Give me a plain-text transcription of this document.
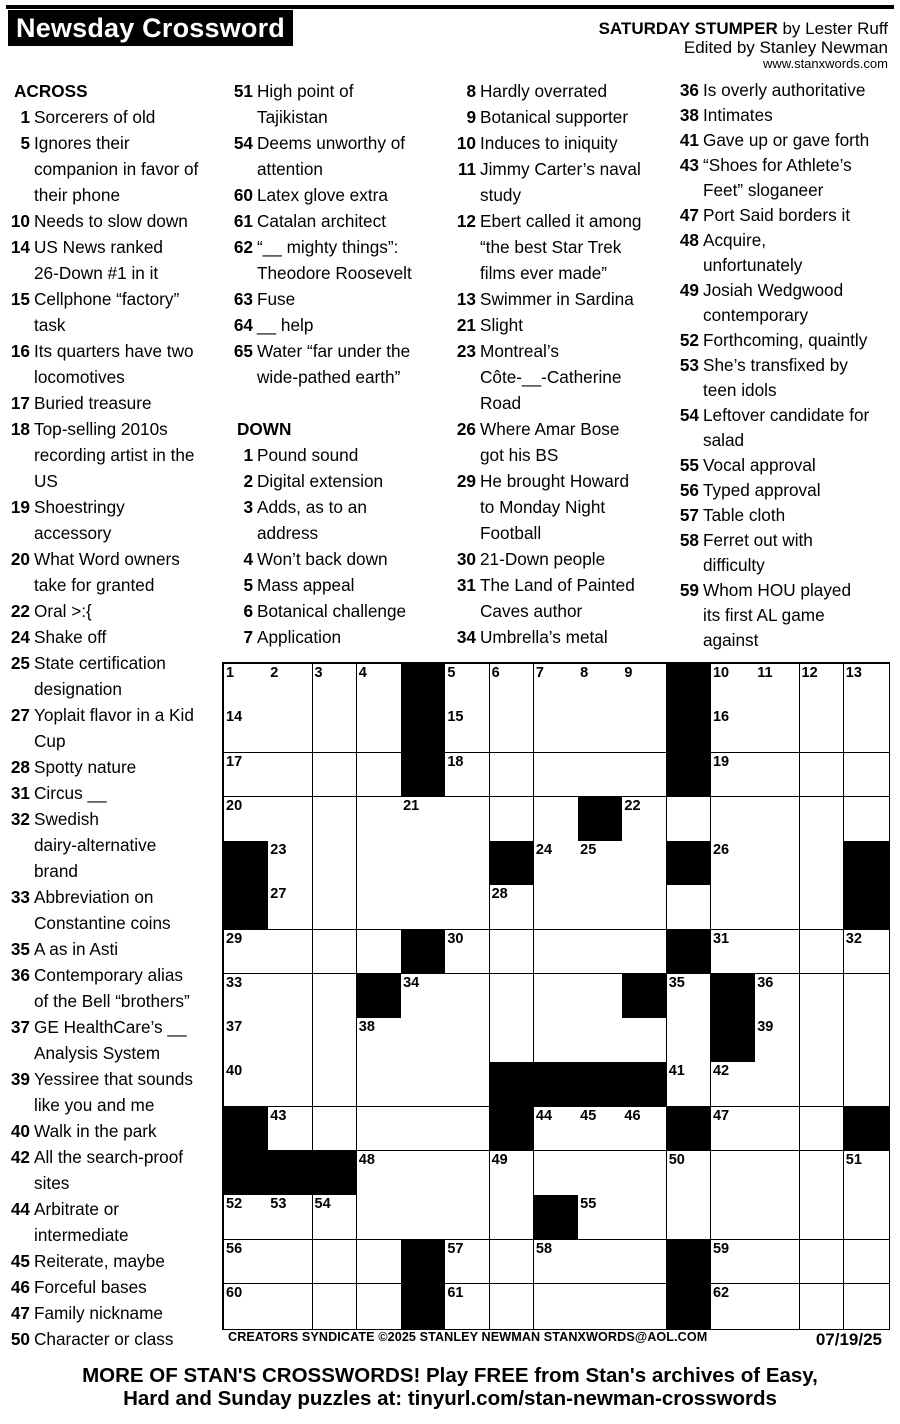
Newsday Crossword	SATURDAY STUMPER by Lester Ruff
Edited by Stanley Newman
www.stanxwords.com
ACROSS
1 Sorcerers of old
5 Ignores their
companion in favor of
their phone
10 Needs to slow down
14 US News ranked
26-Down #1 in it
15 Cellphone “factory”
task
16 Its quarters have two
locomotives
17 Buried treasure
18 Top-selling 2010s
recording artist in the
US
19 Shoestringy
accessory
20 What Word owners
take for granted
22 Oral >:{
24 Shake off
25 State certification
designation
27 Yoplait flavor in a Kid
Cup
28 Spotty nature
31 Circus __
32 Swedish
dairy-alternative
brand
33 Abbreviation on
Constantine coins
35 A as in Asti
36 Contemporary alias
of the Bell “brothers”
37 GE HealthCare’s __
Analysis System
39 Yessiree that sounds
like you and me
40 Walk in the park
42 All the search-proof
sites
44 Arbitrate or
intermediate
45 Reiterate, maybe
46 Forceful bases
47 Family nickname
50 Character or class
51 High point of
Tajikistan
54 Deems unworthy of
attention
60 Latex glove extra
61 Catalan architect
62 “__ mighty things”:
Theodore Roosevelt
63 Fuse
64 __ help
65 Water “far under the
wide-pathed earth”
DOWN
1 Pound sound
2 Digital extension
3 Adds, as to an
address
4 Won’t back down
5 Mass appeal
6 Botanical challenge
7 Application
8 Hardly overrated
9 Botanical supporter
10 Induces to iniquity
11 Jimmy Carter’s naval
study
12 Ebert called it among
“the best Star Trek
films ever made”
13 Swimmer in Sardina
21 Slight
23 Montreal’s
Côte-__-Catherine
Road
26 Where Amar Bose
got his BS
29 He brought Howard
to Monday Night
Football
30 21-Down people
31 The Land of Painted
Caves author
34 Umbrella’s metal
36 Is overly authoritative
38 Intimates
41 Gave up or gave forth
43 “Shoes for Athlete’s
Feet” sloganeer
47 Port Said borders it
48 Acquire,
unfortunately
49 Josiah Wedgwood
contemporary
52 Forthcoming, quaintly
53 She’s transfixed by
teen idols
54 Leftover candidate for
salad
55 Vocal approval
56 Typed approval
57 Table cloth
58 Ferret out with
difficulty
59 Whom HOU played
its first AL game
against
1 2 3 4	5 6 7 8 9	10 11 12 13
14	15	16
17	18	19
20	21	22
23	24 25	26
27	28
29	30	31	32
33	34	35	36
37	38	39
40	41 42
43	44 45 46	47
48	49	50	51
52 53 54	55
56	57	58	59
60	61	62
CREATORS SYNDICATE ©2025 STANLEY NEWMAN STANXWORDS@AOL.COM	07/19/25
MORE OF STAN'S CROSSWORDS! Play FREE from Stan's archives of Easy,
Hard and Sunday puzzles at: tinyurl.com/stan-newman-crosswords
